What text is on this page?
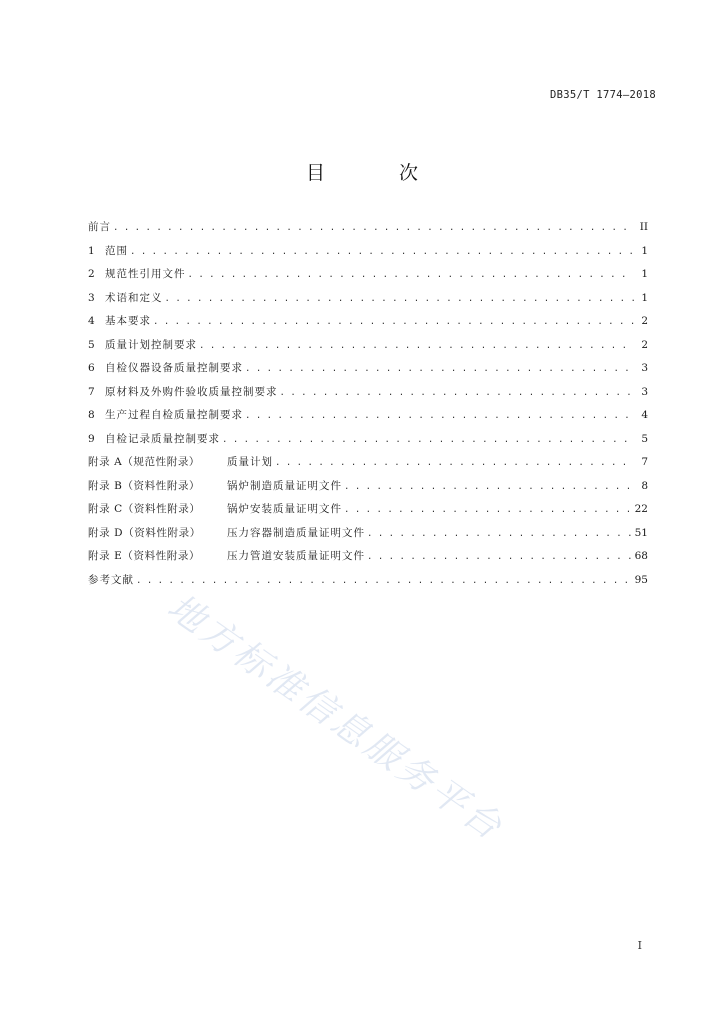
DB35/T 1774—2018
目 次
前言 . . .	II
1 范围 . . .	1
2 规范性引用文件 . . .	1
3 术语和定义 . . .	1
4 基本要求 . . .	2
5 质量计划控制要求 . . .	2
6 自检仪器设备质量控制要求 . . .	3
7 原材料及外购件验收质量控制要求 . . .	3
8 生产过程自检质量控制要求 . . .	4
9 自检记录质量控制要求 . . .	5
附录 A（规范性附录）	质量计划 . . .	7
附录 B（资料性附录）	锅炉制造质量证明文件 . . .	8
附录 C（资料性附录）	锅炉安装质量证明文件 . . .	22
附录 D（资料性附录）	压力容器制造质量证明文件 . . .	51
附录 E（资料性附录）	压力管道安装质量证明文件 . . .	68
参考文献 . . .	95
地方标准信息服务平台
I
